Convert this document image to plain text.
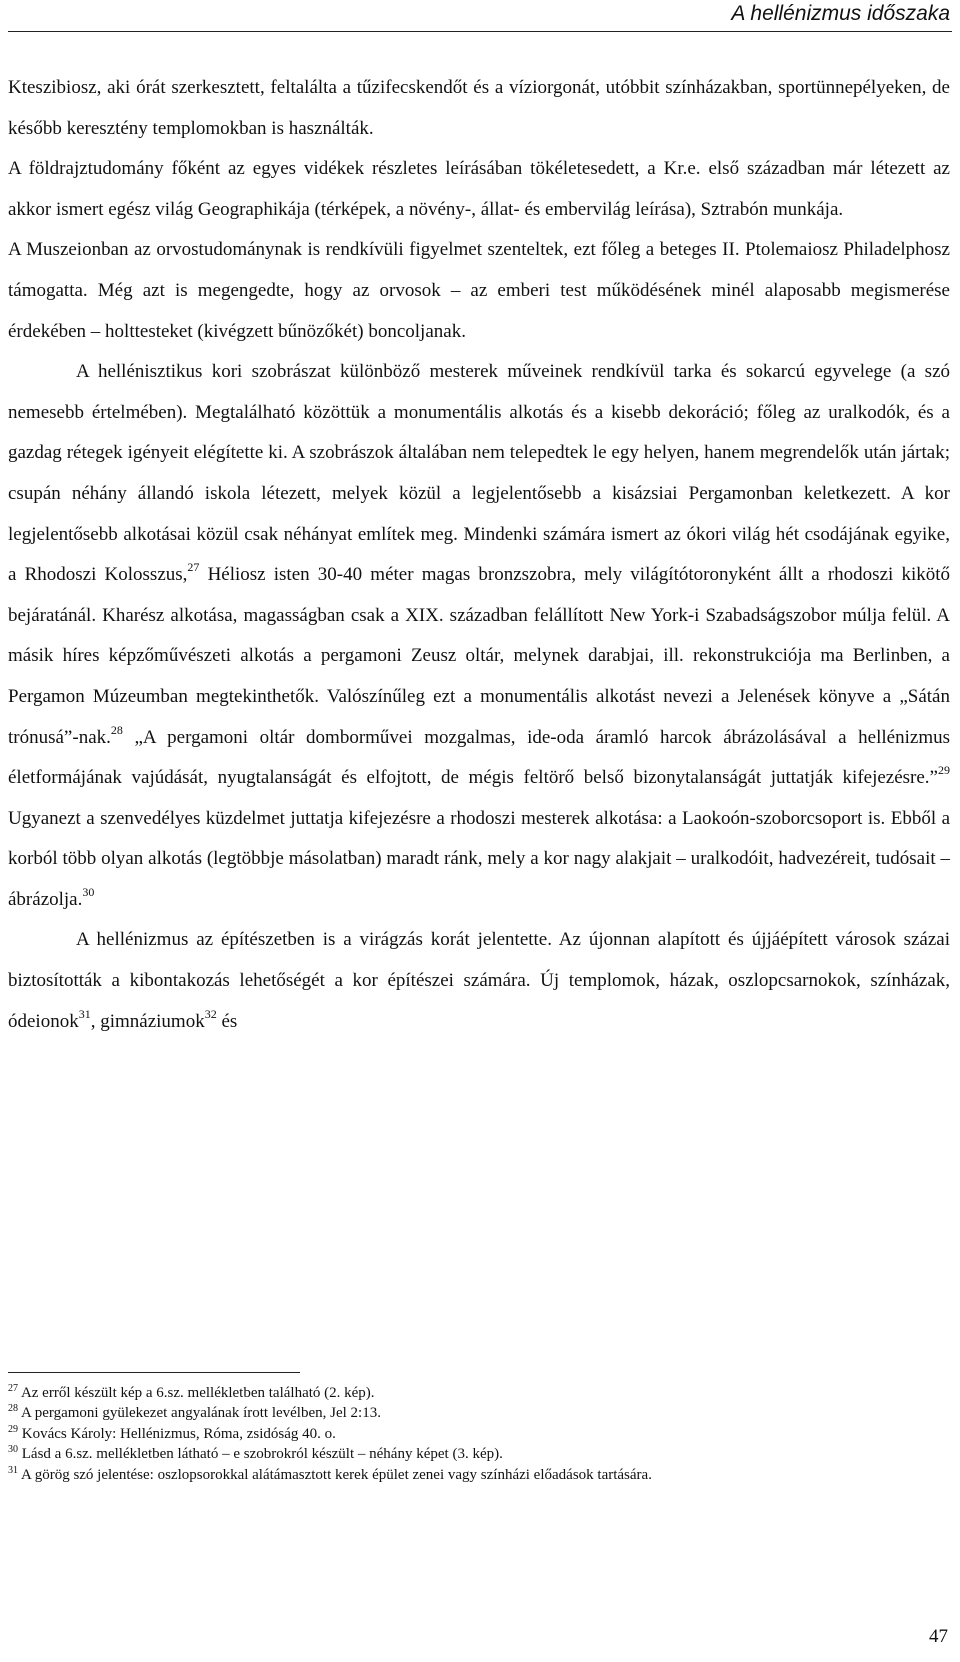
A hellénizmus időszaka

Kteszibiosz, aki órát szerkesztett, feltalálta a tűzifecskendőt és a víziorgonát, utóbbit színházakban, sportünnepélyeken, de később keresztény templomokban is használták.

A földrajztudomány főként az egyes vidékek részletes leírásában tökéletesedett, a Kr.e. első században már létezett az akkor ismert egész világ Geographikája (térképek, a növény-, állat- és embervilág leírása), Sztrabón munkája.

A Muszeionban az orvostudománynak is rendkívüli figyelmet szenteltek, ezt főleg a beteges II. Ptolemaiosz Philadelphosz támogatta. Még azt is megengedte, hogy az orvosok – az emberi test működésének minél alaposabb megismerése érdekében – holttesteket (kivégzett bűnözőkét) boncoljanak.

A hellénisztikus kori szobrászat különböző mesterek műveinek rendkívül tarka és sokarcú egyvelege (a szó nemesebb értelmében). Megtalálható közöttük a monumentális alkotás és a kisebb dekoráció; főleg az uralkodók, és a gazdag rétegek igényeit elégítette ki. A szobrászok általában nem telepedtek le egy helyen, hanem megrendelők után jártak; csupán néhány állandó iskola létezett, melyek közül a legjelentősebb a kisázsiai Pergamonban keletkezett. A kor legjelentősebb alkotásai közül csak néhányat említek meg. Mindenki számára ismert az ókori világ hét csodájának egyike, a Rhodoszi Kolosszus,$^{27}$ Héliosz isten 30-40 méter magas bronzszobra, mely világítótoronyként állt a rhodoszi kikötő bejáratánál. Kharész alkotása, magasságban csak a XIX. században felállított New York-i Szabadságszobor múlja felül. A másik híres képzőművészeti alkotás a pergamoni Zeusz oltár, melynek darabjai, ill. rekonstrukciója ma Berlinben, a Pergamon Múzeumban megtekinthetők. Valószínűleg ezt a monumentális alkotást nevezi a Jelenések könyve a „Sátán trónusá”-nak.$^{28}$ „A pergamoni oltár domborművei mozgalmas, ide-oda áramló harcok ábrázolásával a hellénizmus életformájának vajúdását, nyugtalanságát és elfojtott, de mégis feltörő belső bizonytalanságát juttatják kifejezésre.”$^{29}$ Ugyanezt a szenvedélyes küzdelmet juttatja kifejezésre a rhodoszi mesterek alkotása: a Laokoón-szoborcsoport is. Ebből a korból több olyan alkotás (legtöbbje másolatban) maradt ránk, mely a kor nagy alakjait – uralkodóit, hadvezéreit, tudósait – ábrázolja.$^{30}$

A hellénizmus az építészetben is a virágzás korát jelentette. Az újonnan alapított és újjáépített városok százai biztosították a kibontakozás lehetőségét a kor építészei számára. Új templomok, házak, oszlopcsarnokok, színházak, ódeionok$^{31}$, gimnáziumok$^{32}$ és

$^{27}$ Az erről készült kép a 6.sz. mellékletben található (2. kép).

$^{28}$ A pergamoni gyülekezet angyalának írott levélben, Jel 2:13.

$^{29}$ Kovács Károly: Hellénizmus, Róma, zsidóság 40. o.

$^{30}$ Lásd a 6.sz. mellékletben látható – e szobrokról készült – néhány képet (3. kép).

$^{31}$ A görög szó jelentése: oszlopsorokkal alátámasztott kerek épület zenei vagy színházi előadások tartására.

47
